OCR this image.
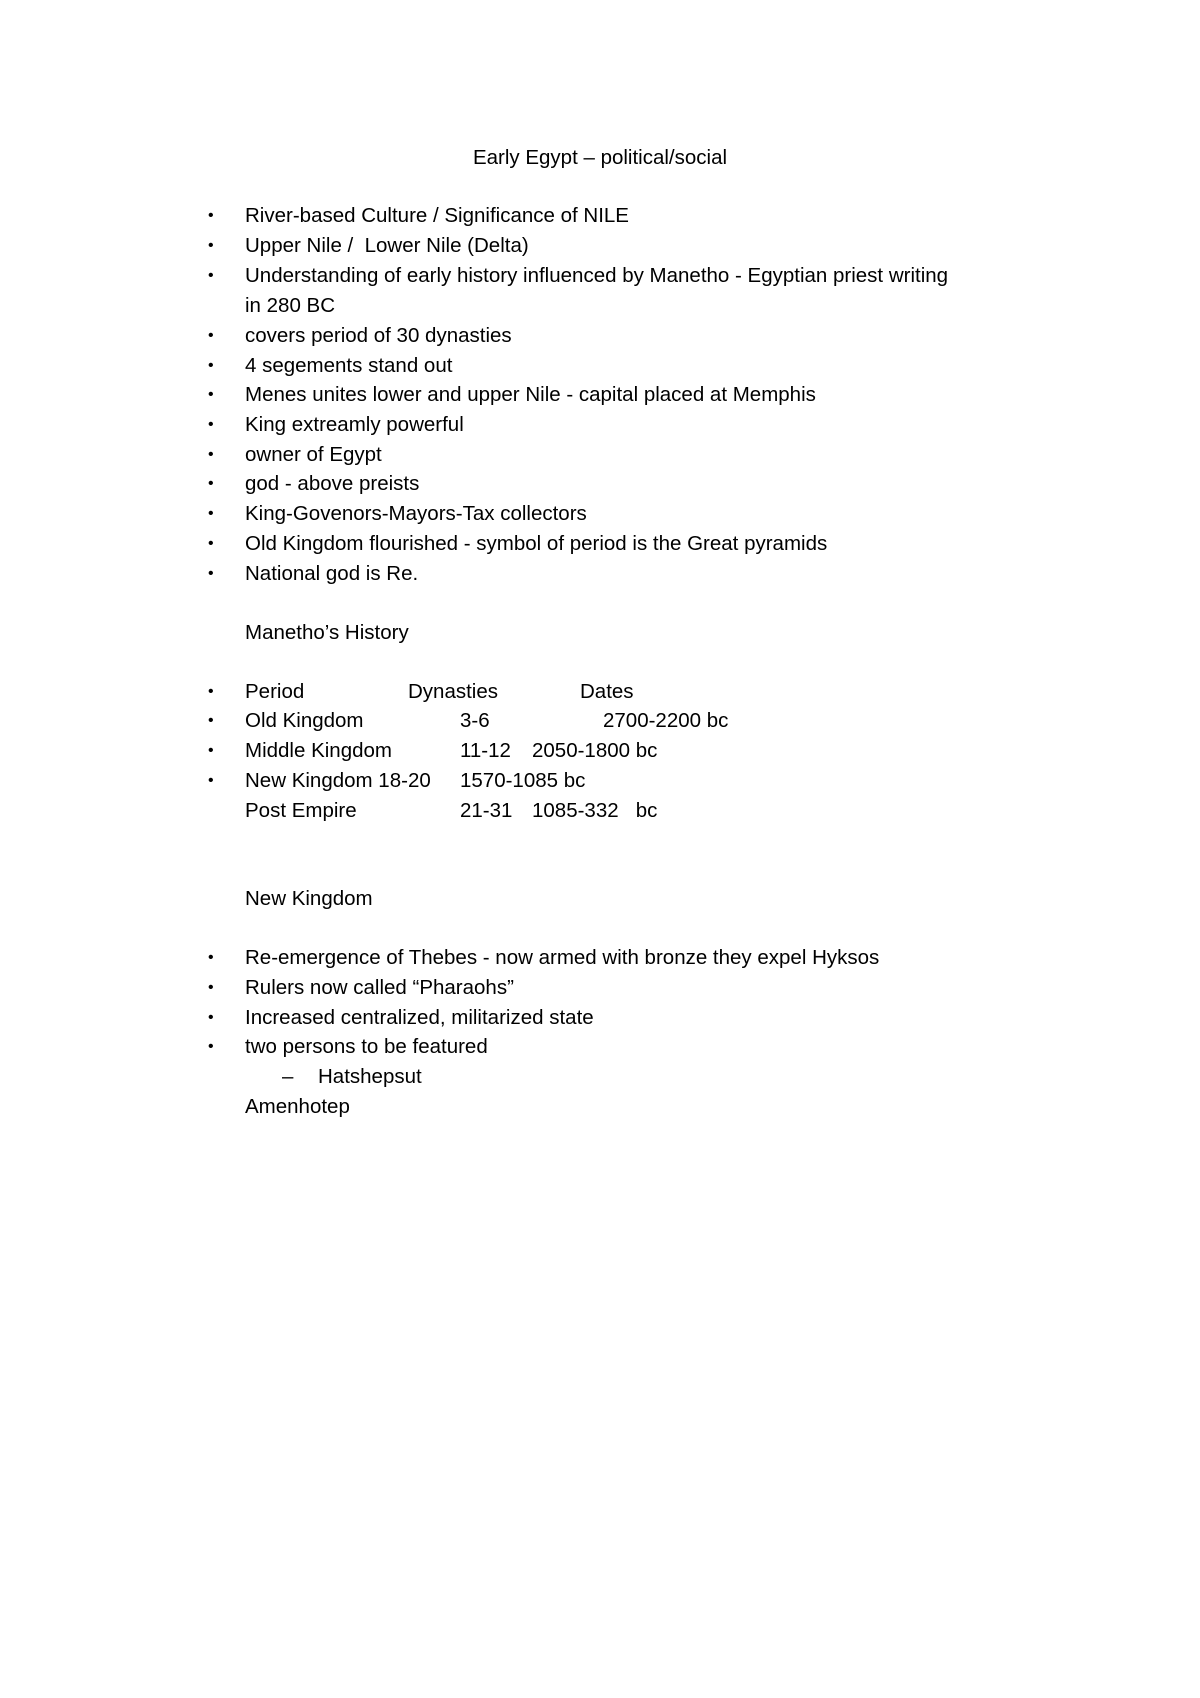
Early Egypt – political/social
• River-based Culture / Significance of NILE
• Upper Nile /  Lower Nile (Delta)
• Understanding of early history influenced by Manetho - Egyptian priest writing
in 280 BC
• covers period of 30 dynasties
• 4 segements stand out
• Menes unites lower and upper Nile - capital placed at Memphis
• King extreamly powerful
• owner of Egypt
• god - above preists
• King-Govenors-Mayors-Tax collectors
• Old Kingdom flourished - symbol of period is the Great pyramids
• National god is Re.
Manetho’s History
• Period	Dynasties	Dates
• Old Kingdom	3-6	2700-2200 bc
• Middle Kingdom	11-12 2050-1800 bc
• New Kingdom 18-20 1570-1085 bc
Post Empire	21-31 1085-332   bc
New Kingdom
• Re-emergence of Thebes - now armed with bronze they expel Hyksos
• Rulers now called “Pharaohs”
• Increased centralized, militarized state
• two persons to be featured
– Hatshepsut
Amenhotep
